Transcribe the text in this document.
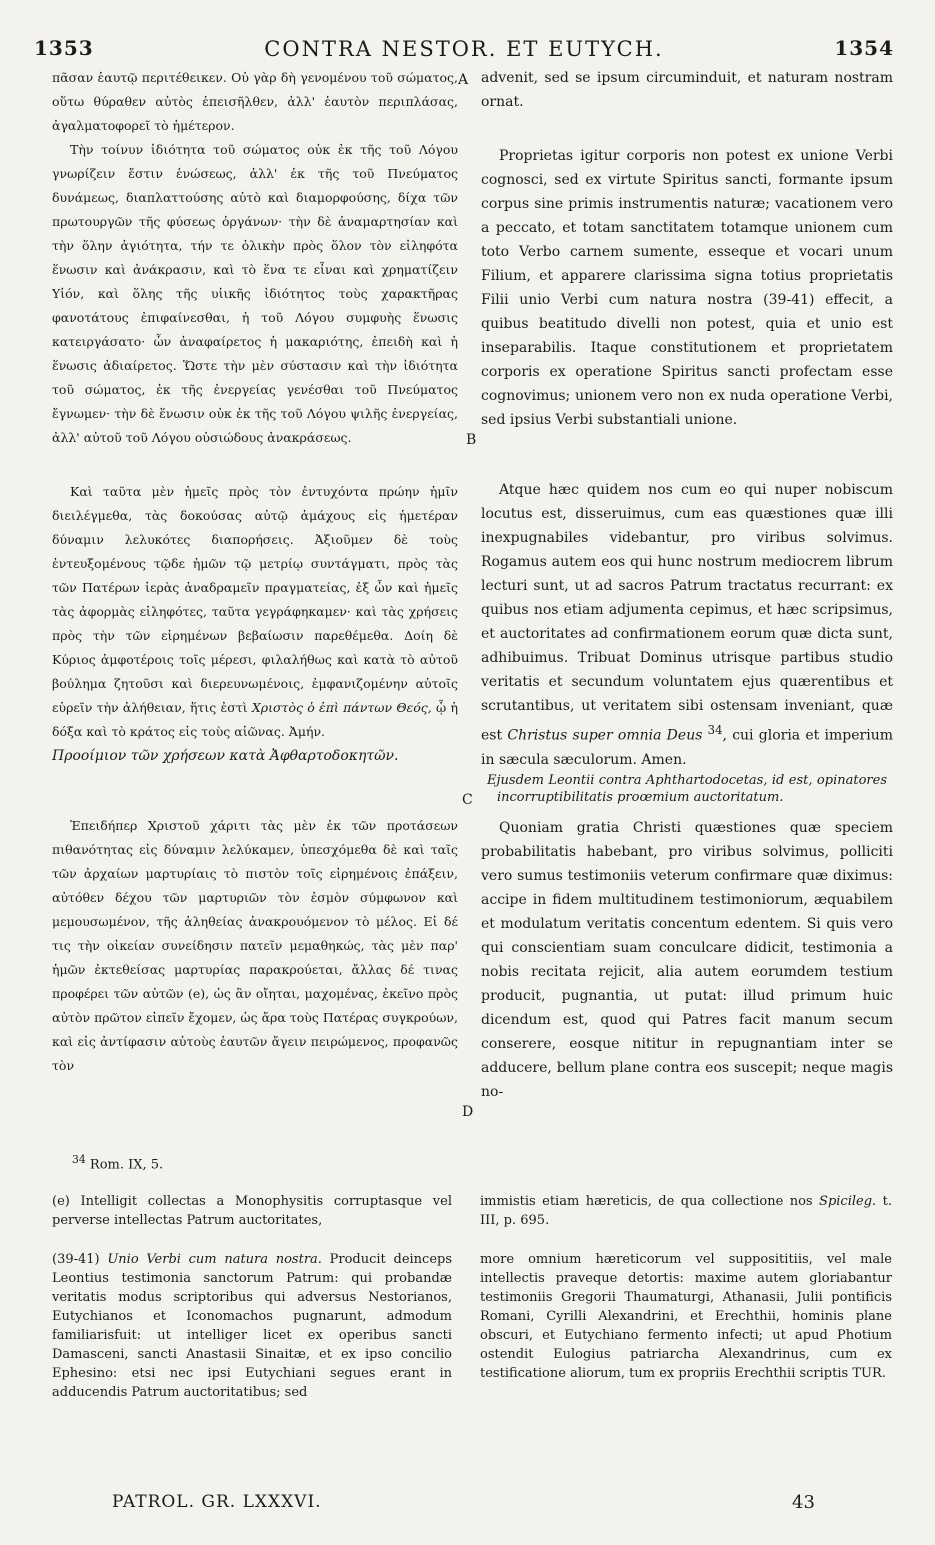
1353	CONTRA NESTOR. ET EUTYCH.	1354
A
B
C
D

πᾶσαν ἑαυτῷ περιτέθεικεν. Οὐ γὰρ δὴ γενομένου τοῦ σώματος, οὕτω θύραθεν αὐτὸς ἐπεισῆλθεν, ἀλλ' ἑαυτὸν περιπλάσας, ἀγαλματοφορεῖ τὸ ἡμέτερον.

Τὴν τοίνυν ἰδιότητα τοῦ σώματος οὐκ ἐκ τῆς τοῦ Λόγου γνωρίζειν ἔστιν ἑνώσεως, ἀλλ' ἐκ τῆς τοῦ Πνεύματος δυνάμεως, διαπλαττούσης αὐτὸ καὶ διαμορφούσης, δίχα τῶν πρωτουργῶν τῆς φύσεως ὀργάνων· τὴν δὲ ἀναμαρτησίαν καὶ τὴν ὅλην ἁγιότητα, τήν τε ὁλικὴν πρὸς ὅλον τὸν εἰληφότα ἕνωσιν καὶ ἀνάκρασιν, καὶ τὸ ἕνα τε εἶναι καὶ χρηματίζειν Υἱόν, καὶ ὅλης τῆς υἱικῆς ἰδιότητος τοὺς χαρακτῆρας φανοτάτους ἐπιφαίνεσθαι, ἡ τοῦ Λόγου συμφυὴς ἕνωσις κατειργάσατο· ὧν ἀναφαίρετος ἡ μακαριότης, ἐπειδὴ καὶ ἡ ἕνωσις ἀδιαίρετος. Ὥστε τὴν μὲν σύστασιν καὶ τὴν ἰδιότητα τοῦ σώματος, ἐκ τῆς ἐνεργείας γενέσθαι τοῦ Πνεύματος ἔγνωμεν· τὴν δὲ ἕνωσιν οὐκ ἐκ τῆς τοῦ Λόγου ψιλῆς ἐνεργείας, ἀλλ' αὐτοῦ τοῦ Λόγου οὐσιώδους ἀνακράσεως.

Καὶ ταῦτα μὲν ἡμεῖς πρὸς τὸν ἐντυχόντα πρώην ἡμῖν διειλέγμεθα, τὰς δοκούσας αὐτῷ ἀμάχους εἰς ἡμετέραν δύναμιν λελυκότες διαπορήσεις. Ἀξιοῦμεν δὲ τοὺς ἐντευξομένους τῷδε ἡμῶν τῷ μετρίῳ συντάγματι, πρὸς τὰς τῶν Πατέρων ἱερὰς ἀναδραμεῖν πραγματείας, ἐξ ὧν καὶ ἡμεῖς τὰς ἀφορμὰς εἰληφότες, ταῦτα γεγράφηκαμεν· καὶ τὰς χρήσεις πρὸς τὴν τῶν εἰρημένων βεβαίωσιν παρεθέμεθα. Δοίη δὲ Κύριος ἀμφοτέροις τοῖς μέρεσι, φιλαλήθως καὶ κατὰ τὸ αὐτοῦ βούλημα ζητοῦσι καὶ διερευνωμένοις, ἐμφανιζομένην αὐτοῖς εὑρεῖν τὴν ἀλήθειαν, ἥτις ἐστὶ Χριστὸς ὁ ἐπὶ πάντων Θεός, ᾧ ἡ δόξα καὶ τὸ κράτος εἰς τοὺς αἰῶνας. Ἀμήν.

Προοίμιον τῶν χρήσεων κατὰ Ἀφθαρτοδοκητῶν.

Ἐπειδήπερ Χριστοῦ χάριτι τὰς μὲν ἐκ τῶν προτάσεων πιθανότητας εἰς δύναμιν λελύκαμεν, ὑπεσχόμεθα δὲ καὶ ταῖς τῶν ἀρχαίων μαρτυρίαις τὸ πιστὸν τοῖς εἰρημένοις ἐπάξειν, αὐτόθεν δέχου τῶν μαρτυριῶν τὸν ἐσμὸν σύμφωνον καὶ μεμουσωμένον, τῆς ἀληθείας ἀνακρουόμενον τὸ μέλος. Εἰ δέ τις τὴν οἰκείαν συνείδησιν πατεῖν μεμαθηκώς, τὰς μὲν παρ' ἡμῶν ἐκτεθείσας μαρτυρίας παρακρούεται, ἄλλας δέ τινας προφέρει τῶν αὐτῶν (e), ὡς ἂν οἴηται, μαχομένας, ἐκεῖνο πρὸς αὐτὸν πρῶτον εἰπεῖν ἔχομεν, ὡς ἄρα τοὺς Πατέρας συγκρούων, καὶ εἰς ἀντίφασιν αὐτοὺς ἑαυτῶν ἄγειν πειρώμενος, προφανῶς τὸν

advenit, sed se ipsum circuminduit, et naturam nostram ornat.

Proprietas igitur corporis non potest ex unione Verbi cognosci, sed ex virtute Spiritus sancti, formante ipsum corpus sine primis instrumentis naturæ; vacationem vero a peccato, et totam sanctitatem totamque unionem cum toto Verbo carnem sumente, esseque et vocari unum Filium, et apparere clarissima signa totius proprietatis Filii unio Verbi cum natura nostra (39-41) effecit, a quibus beatitudo divelli non potest, quia et unio est inseparabilis. Itaque constitutionem et proprietatem corporis ex operatione Spiritus sancti profectam esse cognovimus; unionem vero non ex nuda operatione Verbi, sed ipsius Verbi substantiali unione.

Atque hæc quidem nos cum eo qui nuper nobiscum locutus est, disseruimus, cum eas quæstiones quæ illi inexpugnabiles videbantur, pro viribus solvimus. Rogamus autem eos qui hunc nostrum mediocrem librum lecturi sunt, ut ad sacros Patrum tractatus recurrant: ex quibus nos etiam adjumenta cepimus, et hæc scripsimus, et auctoritates ad confirmationem eorum quæ dicta sunt, adhibuimus. Tribuat Dominus utrisque partibus studio veritatis et secundum voluntatem ejus quærentibus et scrutantibus, ut veritatem sibi ostensam inveniant, quæ est Christus super omnia Deus $^{34}$, cui gloria et imperium in sæcula sæculorum. Amen.

Ejusdem Leontii contra Aphthartodocetas, id est, opinatores incorruptibilitatis proœmium auctoritatum.

Quoniam gratia Christi quæstiones quæ speciem probabilitatis habebant, pro viribus solvimus, polliciti vero sumus testimoniis veterum confirmare quæ diximus: accipe in fidem multitudinem testimoniorum, æquabilem et modulatum veritatis concentum edentem. Si quis vero qui conscientiam suam conculcare didicit, testimonia a nobis recitata rejicit, alia autem eorumdem testium producit, pugnantia, ut putat: illud primum huic dicendum est, quod qui Patres facit manum secum conserere, eosque nititur in repugnantiam inter se adducere, bellum plane contra eos suscepit; neque magis no-

$^{34}$ Rom. IX, 5.

(e) Intelligit collectas a Monophysitis corruptasque vel perverse intellectas Patrum auctoritates,

immistis etiam hæreticis, de qua collectione nos Spicileg. t. III, p. 695.

(39-41) Unio Verbi cum natura nostra. Producit deinceps Leontius testimonia sanctorum Patrum: qui probandæ veritatis modus scriptoribus qui adversus Nestorianos, Eutychianos et Iconomachos pugnarunt, admodum familiarisfuit: ut intelliger licet ex operibus sancti Damasceni, sancti Anastasii Sinaitæ, et ex ipso concilio Ephesino: etsi nec ipsi Eutychiani segues erant in adducendis Patrum auctoritatibus; sed

more omnium hæreticorum vel supposititiis, vel male intellectis praveque detortis: maxime autem gloriabantur testimoniis Gregorii Thaumaturgi, Athanasii, Julii pontificis Romani, Cyrilli Alexandrini, et Erechthii, hominis plane obscuri, et Eutychiano fermento infecti; ut apud Photium ostendit Eulogius patriarcha Alexandrinus, cum ex testificatione aliorum, tum ex propriis Erechthii scriptis TUR.

PATROL. GR. LXXXVI.	43
